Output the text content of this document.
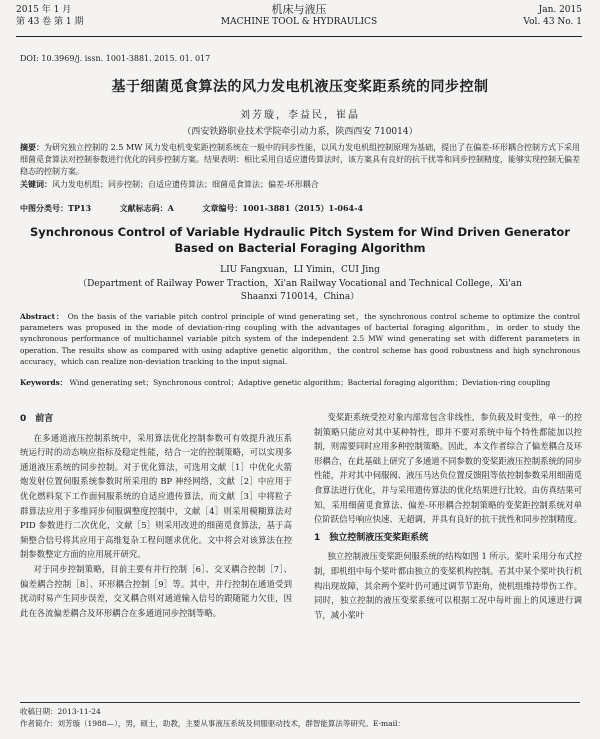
2015 年 1 月
第 43 卷 第 1 期
机床与液压
MACHINE TOOL & HYDRAULICS
Jan. 2015
Vol. 43 No. 1
DOI: 10.3969/j. issn. 1001-3881. 2015. 01. 017
基于细菌觅食算法的风力发电机液压变桨距系统的同步控制
刘芳璇，李益民，崔晶
（西安铁路职业技术学院牵引动力系，陕西西安 710014）
摘要：为研究独立控制的 2.5 MW 风力发电机变桨距控制系统在一般中的同步性能，以风力发电机组控制原理为基础，提出了在偏差-环形耦合控制方式下采用细菌觅食算法对控制参数进行优化的同步控制方案。结果表明：相比采用自适应遗传算法时，该方案具有良好的抗干扰等和同步控制精度，能够实现控制无偏差稳态的控制方案。
关键词：风力发电机组；同步控制；自适应遗传算法；细菌觅食算法；偏差-环形耦合
中图分类号：TP13	文献标志码：A	文章编号：1001-3881（2015）1-064-4
Synchronous Control of Variable Hydraulic Pitch System for Wind Driven Generator Based on Bacterial Foraging Algorithm
LIU Fangxuan，LI Yimin，CUI Jing
（Department of Railway Power Traction，Xi'an Railway Vocational and Technical College，Xi'an Shaanxi 710014，China）
Abstract： On the basis of the variable pitch control principle of wind generating set，the synchronous control scheme to optimize the control parameters was proposed in the mode of deviation-ring coupling with the advantages of bacterial foraging algorithm，in order to study the synchronous performance of multichannel variable pitch system of the independent 2.5 MW wind generating set with different parameters in operation. The results show as compared with using adaptive genetic algorithm，the control scheme has good robustness and high synchronous accuracy，which can realize non-deviation tracking to the input signal.
Keywords： Wind generating set；Synchronous control；Adaptive genetic algorithm；Bacterial foraging algorithm；Deviation-ring coupling
0　前言

在多通道液压控制系统中，采用算法优化控制参数可有效提升液压系统运行时的动态响应指标及稳定性能，结合一定的控制策略，可以实现多通道液压系统的同步控制。对于优化算法，可选用文献［1］中优化火箭炮发射位置伺服系统参数时所采用的 BP 神经网络，文献［2］中应用于优化燃料泵下工作面伺服系统的自适应遗传算法，而文献［3］中将粒子群算法应用于多维同步伺服调整度控制中，文献［4］则采用模糊算法对 PID 参数进行二次优化，文献［5］则采用改进的细菌觅食算法，基于高频整合信号将其应用于高维复杂工程问题求优化。文中将会对该算法在控制参数整定方面的应用展开研究。

对于同步控制策略，目前主要有并行控制［6］、交叉耦合控制［7］、偏差耦合控制［8］、环形耦合控制［9］等。其中，并行控制在通道受到扰动时易产生同步误差，交叉耦合则对通道输入信号的跟随能力欠佳，因此在各流偏差耦合及环形耦合在多通道同步控制等略。

变桨距系统受控对象内部常包含非线性，参负载及时变性，单一的控制策略只能应对其中某种特性，即并不要对系统中每个特性都能加以控制，则需要同时应用多种控制策略。因此，本文作者综合了偏差耦合及环形耦合，在此基础上研究了多通道不同参数的变桨距液压控制系统的同步性能，并对其中伺服阀、液压马达负位置反馈阻等依控制参数采用细菌觅食算法进行优化，并与采用遗传算法的优化结果进行比较。由仿真结果可知，采用细菌觅食算法、偏差-环形耦合控制策略的变桨距控制系统对单位阶跃信号响应快速、无超调，并具有良好的抗干扰性和同步控制精度。

1　独立控制液压变桨距系统

独立控制液压变桨距伺服系统的结构如图 1 所示。桨叶采用分布式控制，即机组中每个桨叶都由独立的变桨机构控制。若其中某个桨叶执行机构出现故障，其余两个桨叶仍可通过调节节距角，使机组维持带伤工作。同时，独立控制的液压变桨系统可以根据工况中每叶面上的风速进行调节，减小桨叶

收稿日期：2013-11-24
作者简介：刘芳璇（1988—），男，硕士，助教，主要从事液压系统及伺服驱动技术，群智能算法等研究。E-mail：
